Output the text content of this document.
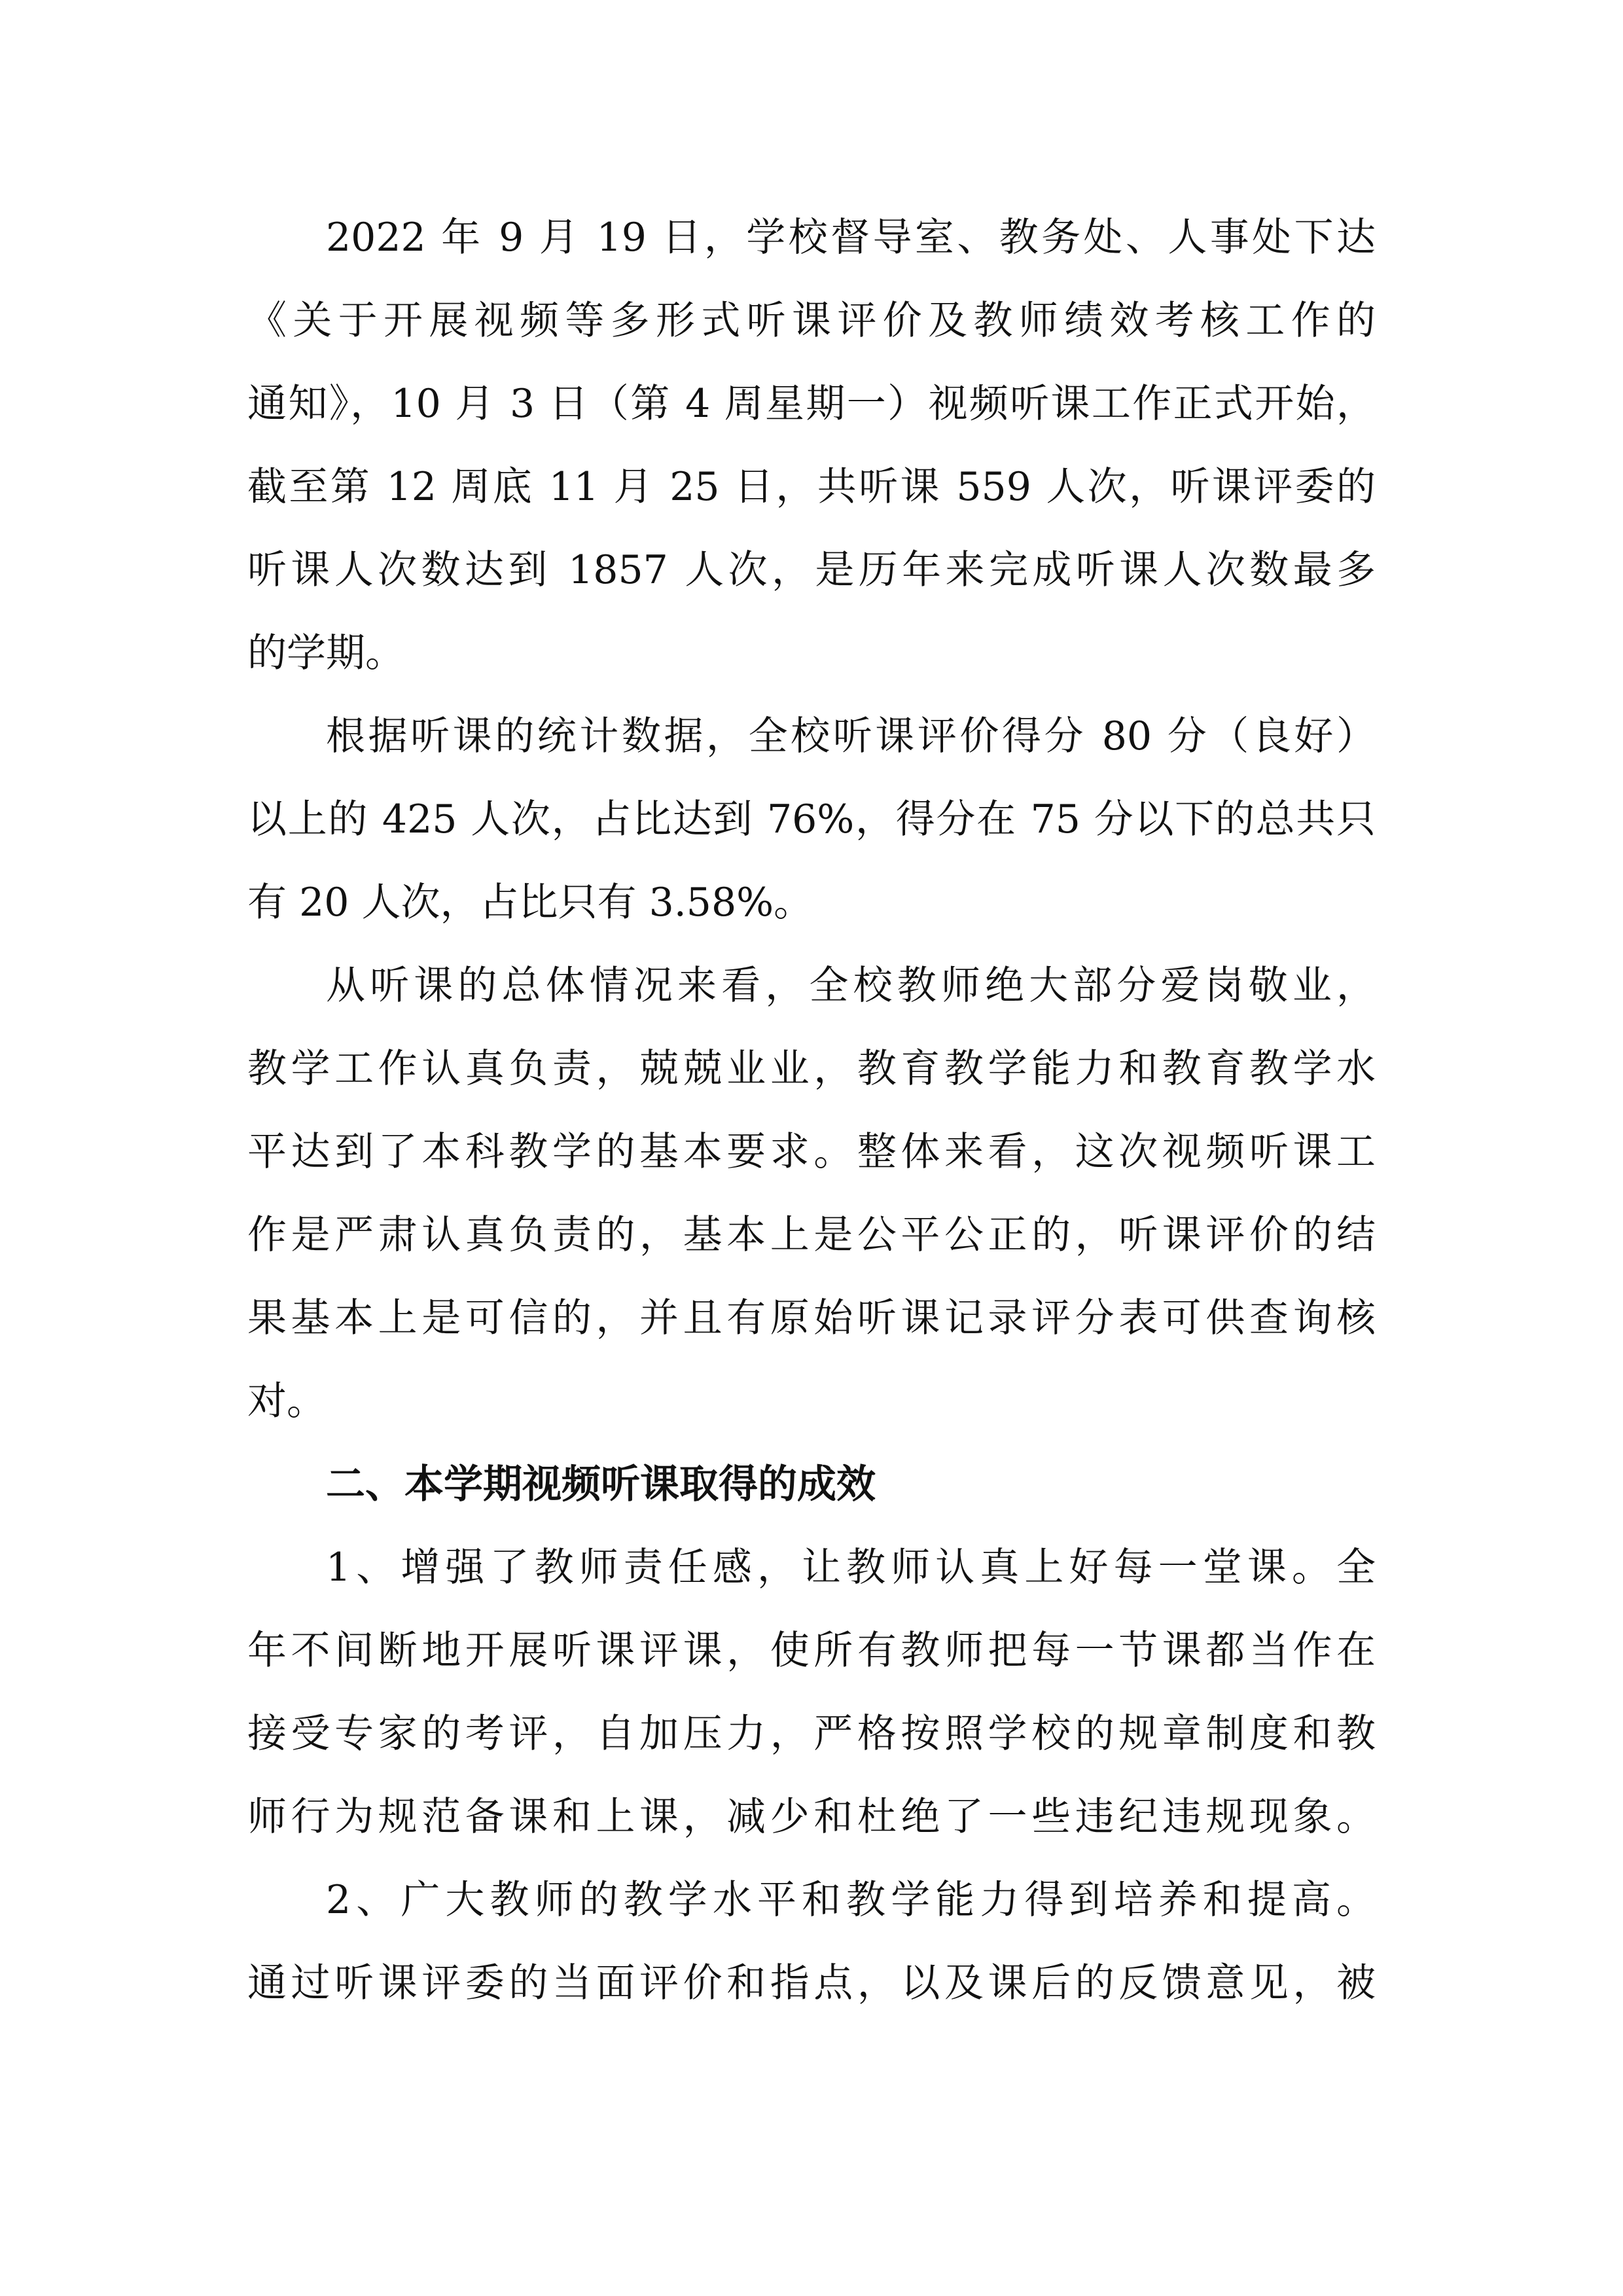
2022 年 9 月 19 日，学校督导室、教务处、人事处下达
《关于开展视频等多形式听课评价及教师绩效考核工作的
通知》，10 月 3 日（第 4 周星期一）视频听课工作正式开始，
截至第 12 周底 11 月 25 日，共听课 559 人次，听课评委的
听课人次数达到 1857 人次，是历年来完成听课人次数最多
的学期。
根据听课的统计数据，全校听课评价得分 80 分（良好）
以上的 425 人次，占比达到 76%，得分在 75 分以下的总共只
有 20 人次，占比只有 3.58%。
从听课的总体情况来看，全校教师绝大部分爱岗敬业，
教学工作认真负责，兢兢业业，教育教学能力和教育教学水
平达到了本科教学的基本要求。整体来看，这次视频听课工
作是严肃认真负责的，基本上是公平公正的，听课评价的结
果基本上是可信的，并且有原始听课记录评分表可供查询核
对。
二、本学期视频听课取得的成效
1、增强了教师责任感，让教师认真上好每一堂课。全
年不间断地开展听课评课，使所有教师把每一节课都当作在
接受专家的考评，自加压力，严格按照学校的规章制度和教
师行为规范备课和上课，减少和杜绝了一些违纪违规现象。
2、广大教师的教学水平和教学能力得到培养和提高。
通过听课评委的当面评价和指点，以及课后的反馈意见，被
